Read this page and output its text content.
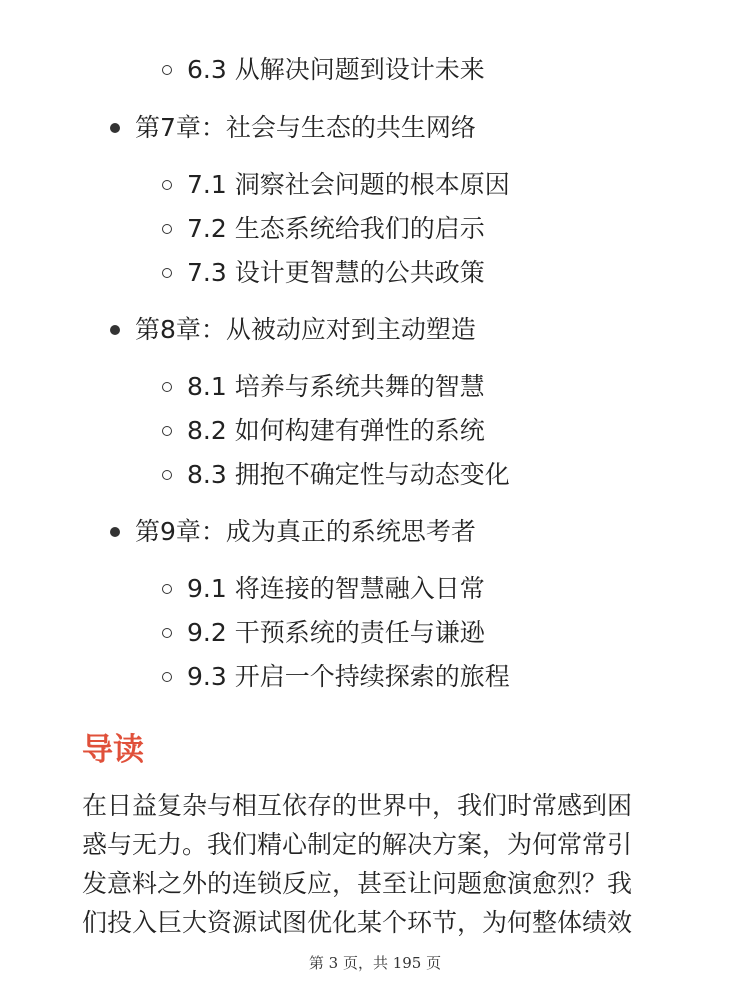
6.3 从解决问题到设计未来
第7章：社会与生态的共生网络
7.1 洞察社会问题的根本原因
7.2 生态系统给我们的启示
7.3 设计更智慧的公共政策
第8章：从被动应对到主动塑造
8.1 培养与系统共舞的智慧
8.2 如何构建有弹性的系统
8.3 拥抱不确定性与动态变化
第9章：成为真正的系统思考者
9.1 将连接的智慧融入日常
9.2 干预系统的责任与谦逊
9.3 开启一个持续探索的旅程
导读
在日益复杂与相互依存的世界中，我们时常感到困
惑与无力。我们精心制定的解决方案，为何常常引
发意料之外的连锁反应，甚至让问题愈演愈烈？我
们投入巨大资源试图优化某个环节，为何整体绩效
第 3 页，共 195 页
